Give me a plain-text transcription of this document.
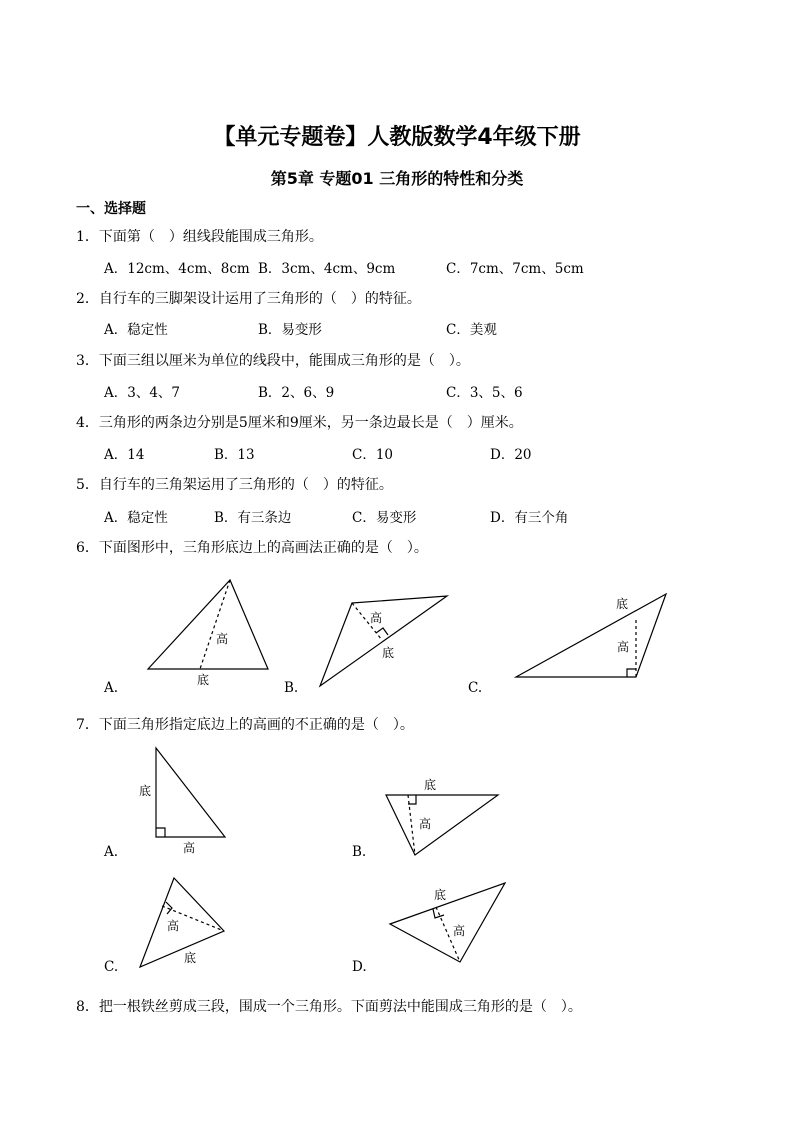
【单元专题卷】人教版数学4年级下册
第5章 专题01 三角形的特性和分类
一、选择题
1．下面第（　）组线段能围成三角形。
A．12cm、4cm、8cm B．3cm、4cm、9cm	C．7cm、7cm、5cm
2．自行车的三脚架设计运用了三角形的（　）的特征。
A．稳定性	B．易变形	C．美观
3．下面三组以厘米为单位的线段中，能围成三角形的是（　）。
A．3、4、7	B．2、6、9	C．3、5、6
4．三角形的两条边分别是5厘米和9厘米，另一条边最长是（　）厘米。
A．14	B．13	C．10	D．20
5．自行车的三角架运用了三角形的（　）的特征。
A．稳定性	B．有三条边	C．易变形	D．有三个角
6．下面图形中，三角形底边上的高画法正确的是（　）。
A.	B.	C.
7．下面三角形指定底边上的高画的不正确的是（　）。
A.	B.
C.	D.
8．把一根铁丝剪成三段，围成一个三角形。下面剪法中能围成三角形的是（　）。
高
底
高
底
底
高
底
高
底
高
高
底
底
高
